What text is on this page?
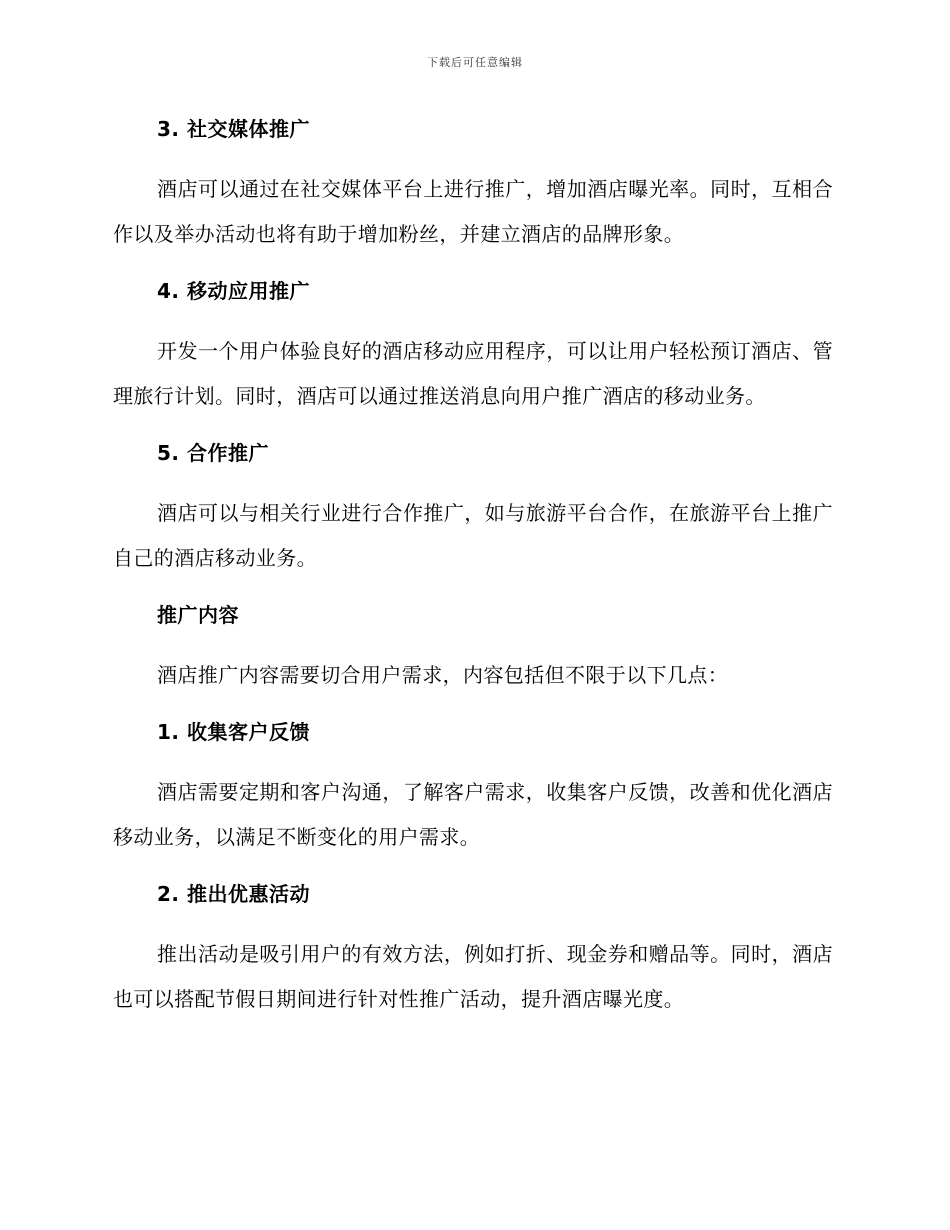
下载后可任意编辑
3. 社交媒体推广

酒店可以通过在社交媒体平台上进行推广，增加酒店曝光率。同时，互相合作以及举办活动也将有助于增加粉丝，并建立酒店的品牌形象。

4. 移动应用推广

开发一个用户体验良好的酒店移动应用程序，可以让用户轻松预订酒店、管理旅行计划。同时，酒店可以通过推送消息向用户推广酒店的移动业务。

5. 合作推广

酒店可以与相关行业进行合作推广，如与旅游平台合作，在旅游平台上推广自己的酒店移动业务。

推广内容

酒店推广内容需要切合用户需求，内容包括但不限于以下几点：

1. 收集客户反馈

酒店需要定期和客户沟通，了解客户需求，收集客户反馈，改善和优化酒店移动业务，以满足不断变化的用户需求。

2. 推出优惠活动

推出活动是吸引用户的有效方法，例如打折、现金券和赠品等。同时，酒店也可以搭配节假日期间进行针对性推广活动，提升酒店曝光度。
